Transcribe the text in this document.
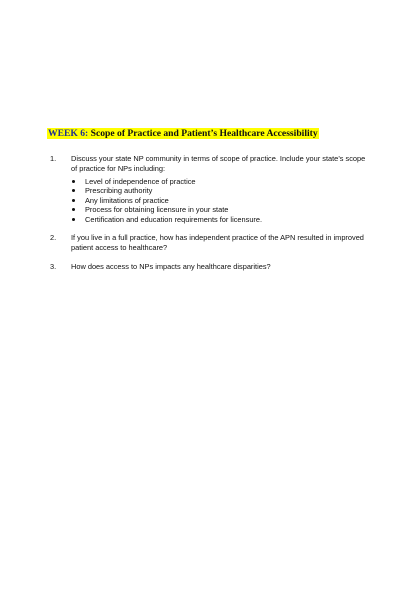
WEEK 6: Scope of Practice and Patient’s Healthcare Accessibility
1. Discuss your state NP community in terms of scope of practice. Include your state’s scope of practice for NPs including:
Level of independence of practice
Prescribing authority
Any limitations of practice
Process for obtaining licensure in your state
Certification and education requirements for licensure.
2. If you live in a full practice, how has independent practice of the APN resulted in improved patient access to healthcare?
3. How does access to NPs impacts any healthcare disparities?
